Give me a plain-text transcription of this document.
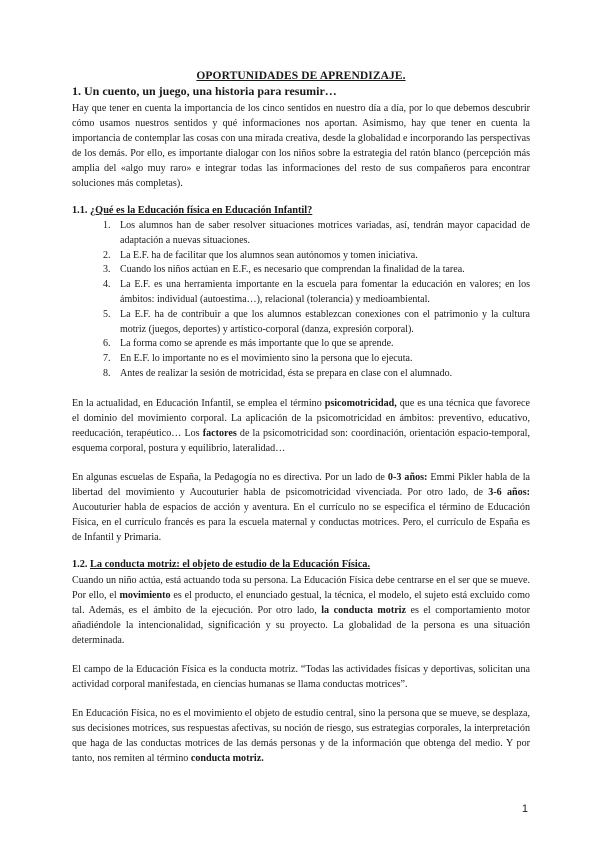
OPORTUNIDADES DE APRENDIZAJE.
1. Un cuento, un juego, una historia para resumir…

Hay que tener en cuenta la importancia de los cinco sentidos en nuestro día a día, por lo que debemos descubrir cómo usamos nuestros sentidos y qué informaciones nos aportan. Asimismo, hay que tener en cuenta la importancia de contemplar las cosas con una mirada creativa, desde la globalidad e incorporando las perspectivas de los demás. Por ello, es importante dialogar con los niños sobre la estrategia del ratón blanco (percepción más amplia del «algo muy raro» e integrar todas las informaciones del resto de sus compañeros para encontrar soluciones más completas).

1.1. ¿Qué es la Educación física en Educación Infantil?
1. Los alumnos han de saber resolver situaciones motrices variadas, así, tendrán mayor capacidad de adaptación a nuevas situaciones.
2. La E.F. ha de facilitar que los alumnos sean autónomos y tomen iniciativa.
3. Cuando los niños actúan en E.F., es necesario que comprendan la finalidad de la tarea.
4. La E.F. es una herramienta importante en la escuela para fomentar la educación en valores; en los ámbitos: individual (autoestima…), relacional (tolerancia) y medioambiental.
5. La E.F. ha de contribuir a que los alumnos establezcan conexiones con el patrimonio y la cultura motriz (juegos, deportes) y artístico-corporal (danza, expresión corporal).
6. La forma como se aprende es más importante que lo que se aprende.
7. En E.F. lo importante no es el movimiento sino la persona que lo ejecuta.
8. Antes de realizar la sesión de motricidad, ésta se prepara en clase con el alumnado.

En la actualidad, en Educación Infantil, se emplea el término psicomotricidad, que es una técnica que favorece el dominio del movimiento corporal. La aplicación de la psicomotricidad en ámbitos: preventivo, educativo, reeducación, terapéutico… Los factores de la psicomotricidad son: coordinación, orientación espacio-temporal, esquema corporal, postura y equilibrio, lateralidad…

En algunas escuelas de España, la Pedagogía no es directiva. Por un lado de 0-3 años: Emmi Pikler habla de la libertad del movimiento y Aucouturier habla de psicomotricidad vivenciada. Por otro lado, de 3-6 años: Aucouturier habla de espacios de acción y aventura. En el currículo no se especifica el término de Educación Física, en el currículo francés es para la escuela maternal y conductas motrices. Pero, el currículo de España es de Infantil y Primaria.

1.2. La conducta motriz: el objeto de estudio de la Educación Física.

Cuando un niño actúa, está actuando toda su persona. La Educación Física debe centrarse en el ser que se mueve. Por ello, el movimiento es el producto, el enunciado gestual, la técnica, el modelo, el sujeto está excluido como tal. Además, es el ámbito de la ejecución. Por otro lado, la conducta motriz es el comportamiento motor añadiéndole la intencionalidad, significación y su proyecto. La globalidad de la persona es una situación determinada.

El campo de la Educación Física es la conducta motriz. “Todas las actividades físicas y deportivas, solicitan una actividad corporal manifestada, en ciencias humanas se llama conductas motrices”.

En Educación Física, no es el movimiento el objeto de estudio central, sino la persona que se mueve, se desplaza, sus decisiones motrices, sus respuestas afectivas, su noción de riesgo, sus estrategias corporales, la interpretación que haga de las conductas motrices de las demás personas y de la información que obtenga del medio. Y por tanto, nos remiten al término conducta motriz.

1
